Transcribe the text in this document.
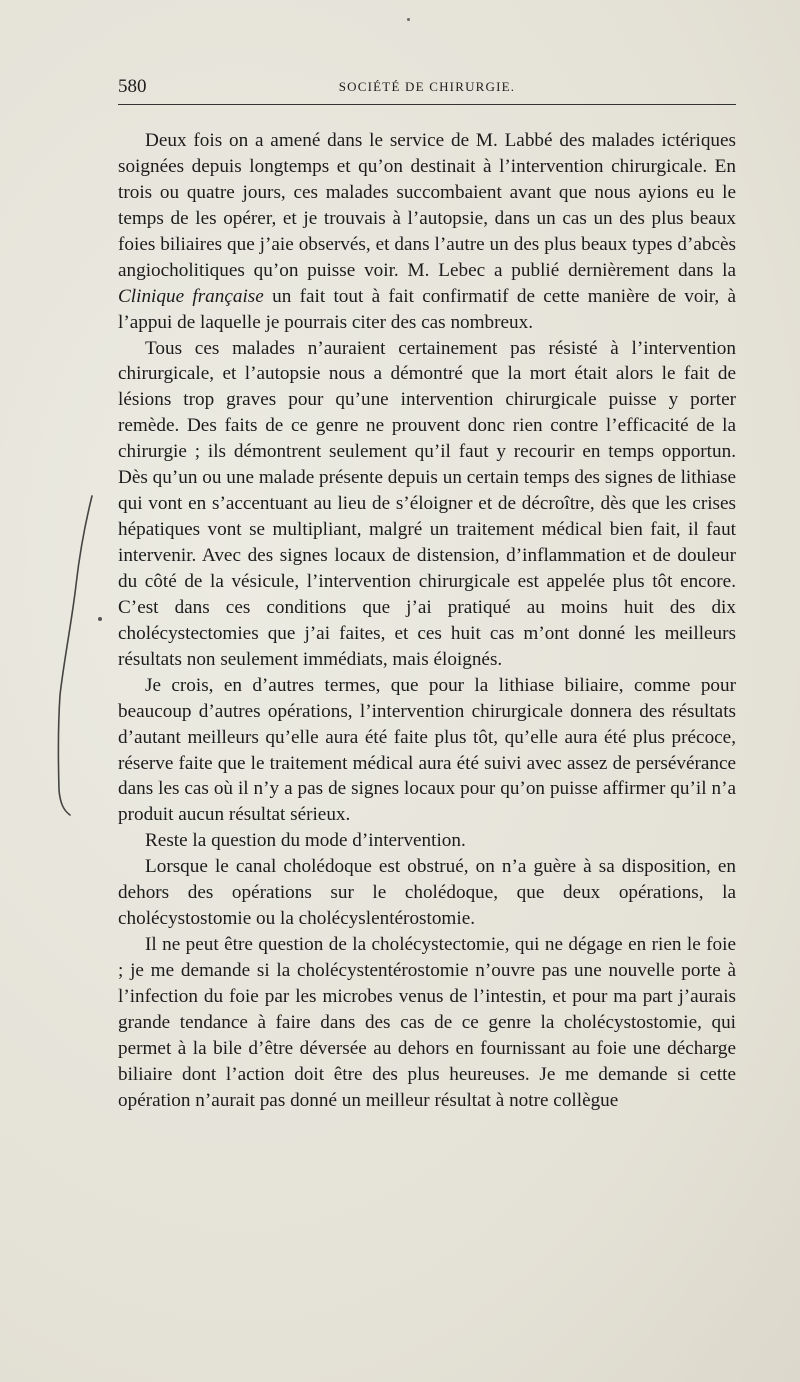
580	SOCIÉTÉ DE CHIRURGIE.

Deux fois on a amené dans le service de M. Labbé des malades ictériques soignées depuis longtemps et qu’on destinait à l’intervention chirurgicale. En trois ou quatre jours, ces malades succombaient avant que nous ayions eu le temps de les opérer, et je trouvais à l’autopsie, dans un cas un des plus beaux foies biliaires que j’aie observés, et dans l’autre un des plus beaux types d’abcès angiocholitiques qu’on puisse voir. M. Lebec a publié dernièrement dans la Clinique française un fait tout à fait confirmatif de cette manière de voir, à l’appui de laquelle je pourrais citer des cas nombreux.

Tous ces malades n’auraient certainement pas résisté à l’intervention chirurgicale, et l’autopsie nous a démontré que la mort était alors le fait de lésions trop graves pour qu’une intervention chirurgicale puisse y porter remède. Des faits de ce genre ne prouvent donc rien contre l’efficacité de la chirurgie ; ils démontrent seulement qu’il faut y recourir en temps opportun. Dès qu’un ou une malade présente depuis un certain temps des signes de lithiase qui vont en s’accentuant au lieu de s’éloigner et de décroître, dès que les crises hépatiques vont se multipliant, malgré un traitement médical bien fait, il faut intervenir. Avec des signes locaux de distension, d’inflammation et de douleur du côté de la vésicule, l’intervention chirurgicale est appelée plus tôt encore. C’est dans ces conditions que j’ai pratiqué au moins huit des dix cholécystectomies que j’ai faites, et ces huit cas m’ont donné les meilleurs résultats non seulement immédiats, mais éloignés.

Je crois, en d’autres termes, que pour la lithiase biliaire, comme pour beaucoup d’autres opérations, l’intervention chirurgicale donnera des résultats d’autant meilleurs qu’elle aura été faite plus tôt, qu’elle aura été plus précoce, réserve faite que le traitement médical aura été suivi avec assez de persévérance dans les cas où il n’y a pas de signes locaux pour qu’on puisse affirmer qu’il n’a produit aucun résultat sérieux.

Reste la question du mode d’intervention.

Lorsque le canal cholédoque est obstrué, on n’a guère à sa disposition, en dehors des opérations sur le cholédoque, que deux opérations, la cholécystostomie ou la cholécyslentérostomie.

Il ne peut être question de la cholécystectomie, qui ne dégage en rien le foie ; je me demande si la cholécystentérostomie n’ouvre pas une nouvelle porte à l’infection du foie par les microbes venus de l’intestin, et pour ma part j’aurais grande tendance à faire dans des cas de ce genre la cholécystostomie, qui permet à la bile d’être déversée au dehors en fournissant au foie une décharge biliaire dont l’action doit être des plus heureuses. Je me demande si cette opération n’aurait pas donné un meilleur résultat à notre collègue
